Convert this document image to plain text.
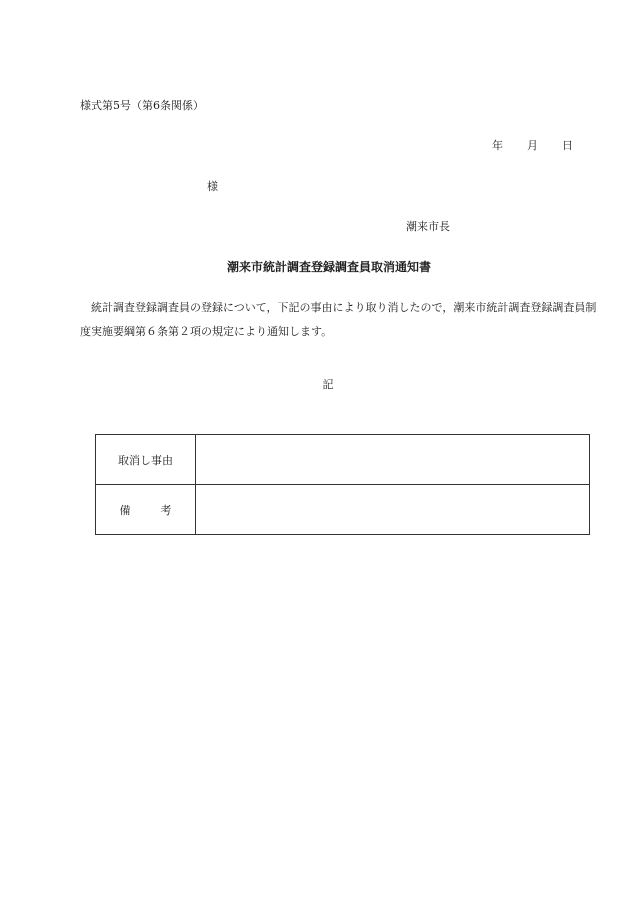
様式第5号（第6条関係）
年 月 日
様
潮来市長
潮来市統計調査登録調査員取消通知書
統計調査登録調査員の登録について，下記の事由により取り消したので，潮来市統計調査登録調査員制度実施要綱第６条第２項の規定により通知します。
記
取消し事由	
備 考	
